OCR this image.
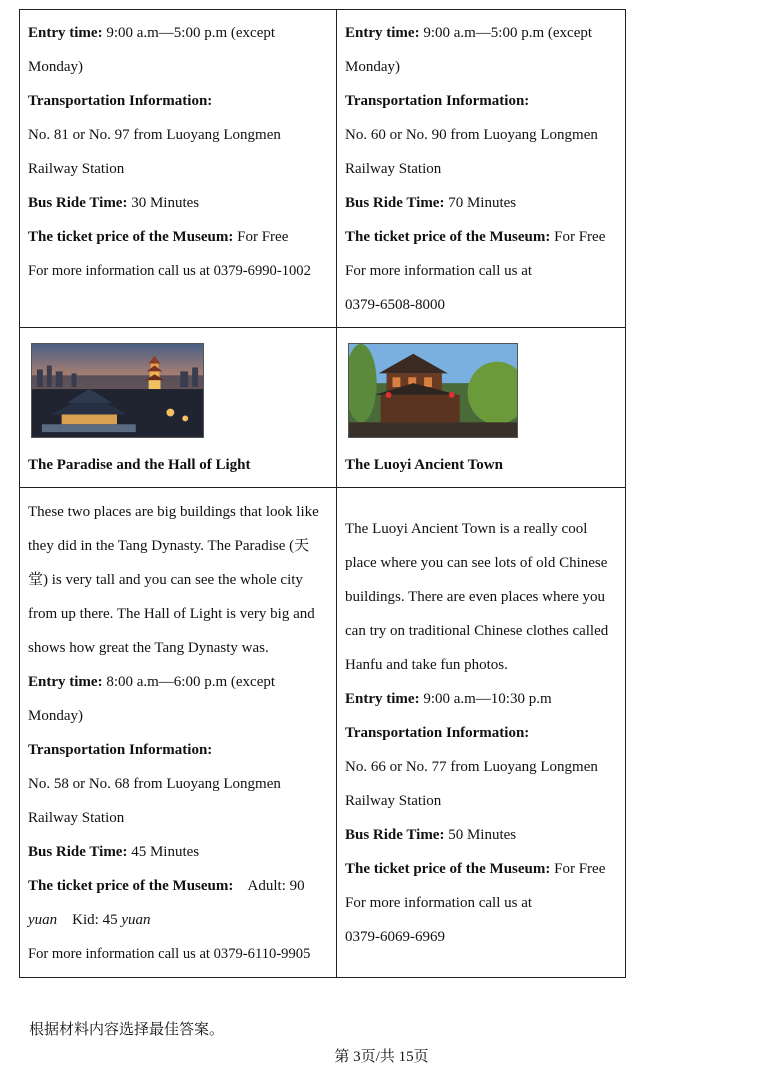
Entry time: 9:00 a.m—5:00 p.m (except
Monday)
Transportation Information:
No. 81 or No. 97 from Luoyang Longmen
Railway Station
Bus Ride Time: 30 Minutes
The ticket price of the Museum: For Free
For more information call us at 0379-6990-1002
Entry time: 9:00 a.m—5:00 p.m (except
Monday)
Transportation Information:
No. 60 or No. 90 from Luoyang Longmen
Railway Station
Bus Ride Time: 70 Minutes
The ticket price of the Museum: For Free
For more information call us at
0379-6508-8000
The Paradise and the Hall of Light	The Luoyi Ancient Town
These two places are big buildings that look like
they did in the Tang Dynasty. The Paradise (天
堂) is very tall and you can see the whole city
from up there. The Hall of Light is very big and
shows how great the Tang Dynasty was.
Entry time: 8:00 a.m—6:00 p.m (except
Monday)
Transportation Information:
No. 58 or No. 68 from Luoyang Longmen
Railway Station
Bus Ride Time: 45 Minutes
The ticket price of the Museum:    Adult: 90
yuan    Kid: 45 yuan
For more information call us at 0379-6110-9905
The Luoyi Ancient Town is a really cool
place where you can see lots of old Chinese
buildings. There are even places where you
can try on traditional Chinese clothes called
Hanfu and take fun photos.
Entry time: 9:00 a.m—10:30 p.m
Transportation Information:
No. 66 or No. 77 from Luoyang Longmen
Railway Station
Bus Ride Time: 50 Minutes
The ticket price of the Museum: For Free
For more information call us at
0379-6069-6969
根据材料内容选择最佳答案。
第 3页/共 15页
